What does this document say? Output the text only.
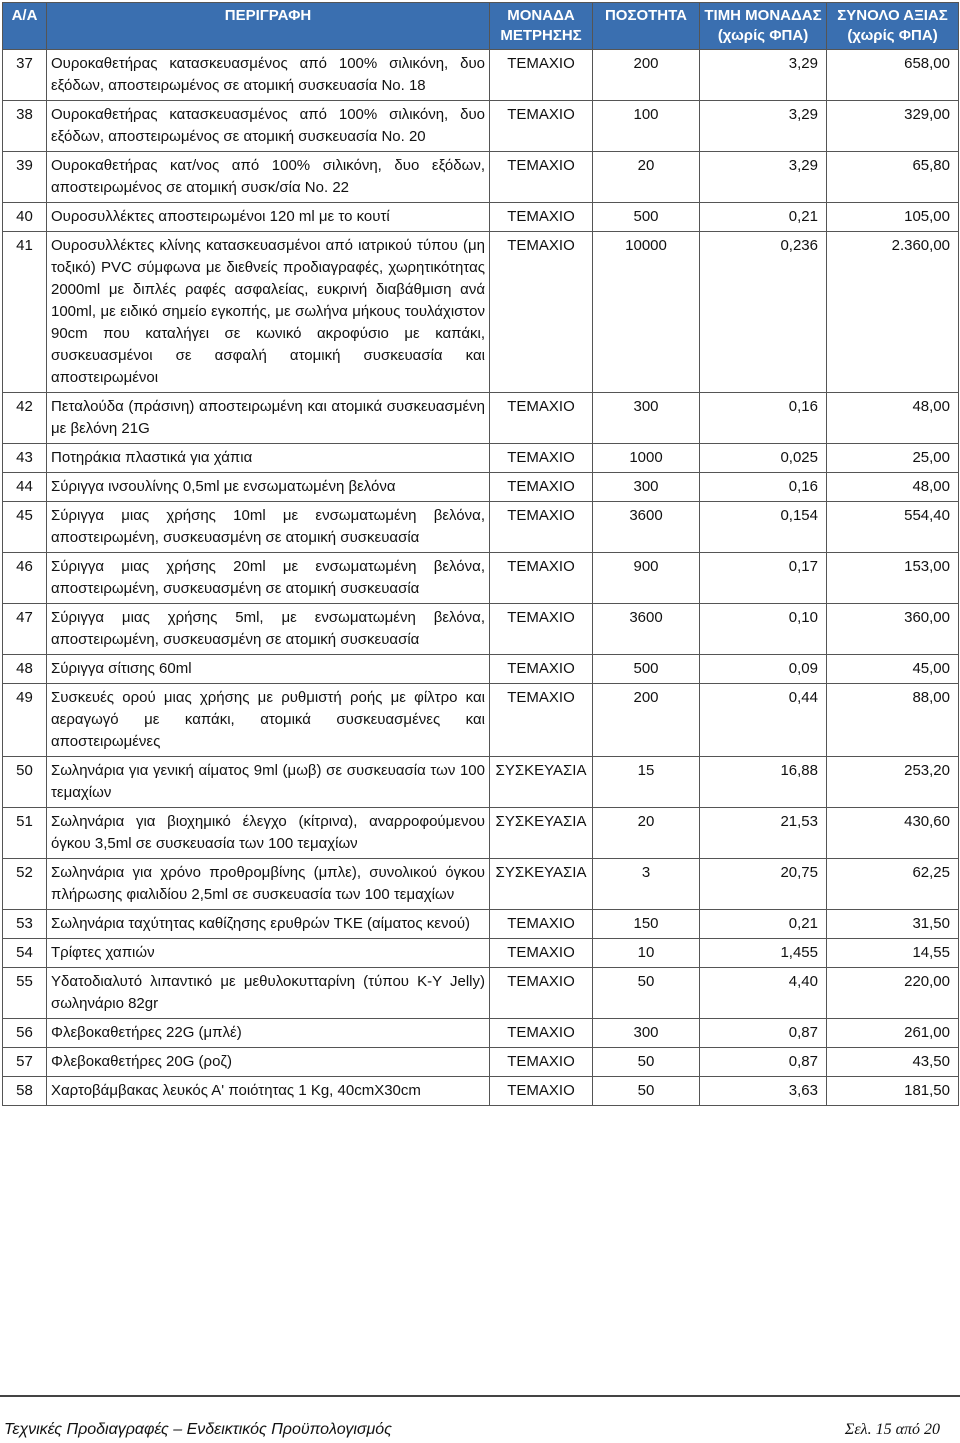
Α/Α	ΠΕΡΙΓΡΑΦΗ	ΜΟΝΑΔΑ ΜΕΤΡΗΣΗΣ	ΠΟΣΟΤΗΤΑ	ΤΙΜΗ ΜΟΝΑΔΑΣ (χωρίς ΦΠΑ)	ΣΥΝΟΛΟ ΑΞΙΑΣ (χωρίς ΦΠΑ)
37	Ουροκαθετήρας κατασκευασμένος από 100% σιλικόνη, δυο εξόδων, αποστειρωμένος σε ατομική συσκευασία No. 18	ΤΕΜΑΧΙΟ	200	3,29	658,00
38	Ουροκαθετήρας κατασκευασμένος από 100% σιλικόνη, δυο εξόδων, αποστειρωμένος σε ατομική συσκευασία No. 20	ΤΕΜΑΧΙΟ	100	3,29	329,00
39	Ουροκαθετήρας κατ/νος από 100% σιλικόνη, δυο εξόδων, αποστειρωμένος σε ατομική συσκ/σία No. 22	ΤΕΜΑΧΙΟ	20	3,29	65,80
40	Ουροσυλλέκτες αποστειρωμένοι 120 ml με το κουτί	ΤΕΜΑΧΙΟ	500	0,21	105,00
41	Ουροσυλλέκτες κλίνης κατασκευασμένοι από ιατρικού τύπου (μη τοξικό) PVC σύμφωνα με διεθνείς προδιαγραφές, χωρητικότητας 2000ml με διπλές ραφές ασφαλείας, ευκρινή διαβάθμιση ανά 100ml, με ειδικό σημείο εγκοπής, με σωλήνα μήκους τουλάχιστον 90cm που καταλήγει σε κωνικό ακροφύσιο με καπάκι, συσκευασμένοι σε ασφαλή ατομική συσκευασία και αποστειρωμένοι	ΤΕΜΑΧΙΟ	10000	0,236	2.360,00
42	Πεταλούδα (πράσινη) αποστειρωμένη και ατομικά συσκευασμένη με βελόνη 21G	ΤΕΜΑΧΙΟ	300	0,16	48,00
43	Ποτηράκια πλαστικά για χάπια	ΤΕΜΑΧΙΟ	1000	0,025	25,00
44	Σύριγγα ινσουλίνης 0,5ml με ενσωματωμένη βελόνα	ΤΕΜΑΧΙΟ	300	0,16	48,00
45	Σύριγγα μιας χρήσης 10ml με ενσωματωμένη βελόνα, αποστειρωμένη, συσκευασμένη σε ατομική συσκευασία	ΤΕΜΑΧΙΟ	3600	0,154	554,40
46	Σύριγγα μιας χρήσης 20ml με ενσωματωμένη βελόνα, αποστειρωμένη, συσκευασμένη σε ατομική συσκευασία	ΤΕΜΑΧΙΟ	900	0,17	153,00
47	Σύριγγα μιας χρήσης 5ml, με ενσωματωμένη βελόνα, αποστειρωμένη, συσκευασμένη σε ατομική συσκευασία	ΤΕΜΑΧΙΟ	3600	0,10	360,00
48	Σύριγγα σίτισης 60ml	ΤΕΜΑΧΙΟ	500	0,09	45,00
49	Συσκευές ορού μιας χρήσης με ρυθμιστή ροής με φίλτρο και αεραγωγό με καπάκι, ατομικά συσκευασμένες και αποστειρωμένες	ΤΕΜΑΧΙΟ	200	0,44	88,00
50	Σωληνάρια για γενική αίματος 9ml (μωβ) σε συσκευασία των 100 τεμαχίων	ΣΥΣΚΕΥΑΣΙΑ	15	16,88	253,20
51	Σωληνάρια για βιοχημικό έλεγχο (κίτρινα), αναρροφούμενου όγκου 3,5ml σε συσκευασία των 100 τεμαχίων	ΣΥΣΚΕΥΑΣΙΑ	20	21,53	430,60
52	Σωληνάρια για χρόνο προθρομβίνης (μπλε), συνολικού όγκου πλήρωσης φιαλιδίου 2,5ml σε συσκευασία των 100 τεμαχίων	ΣΥΣΚΕΥΑΣΙΑ	3	20,75	62,25
53	Σωληνάρια ταχύτητας καθίζησης ερυθρών ΤΚΕ (αίματος κενού)	ΤΕΜΑΧΙΟ	150	0,21	31,50
54	Τρίφτες χαπιών	ΤΕΜΑΧΙΟ	10	1,455	14,55
55	Υδατοδιαλυτό λιπαντικό με μεθυλοκυτταρίνη (τύπου K-Y Jelly) σωληνάριο 82gr	ΤΕΜΑΧΙΟ	50	4,40	220,00
56	Φλεβοκαθετήρες 22G (μπλέ)	ΤΕΜΑΧΙΟ	300	0,87	261,00
57	Φλεβοκαθετήρες 20G (ροζ)	ΤΕΜΑΧΙΟ	50	0,87	43,50
58	Χαρτοβάμβακας λευκός Α' ποιότητας 1 Kg, 40cmX30cm	ΤΕΜΑΧΙΟ	50	3,63	181,50
Τεχνικές Προδιαγραφές – Ενδεικτικός Προϋπολογισμός	Σελ. 15 από 20
